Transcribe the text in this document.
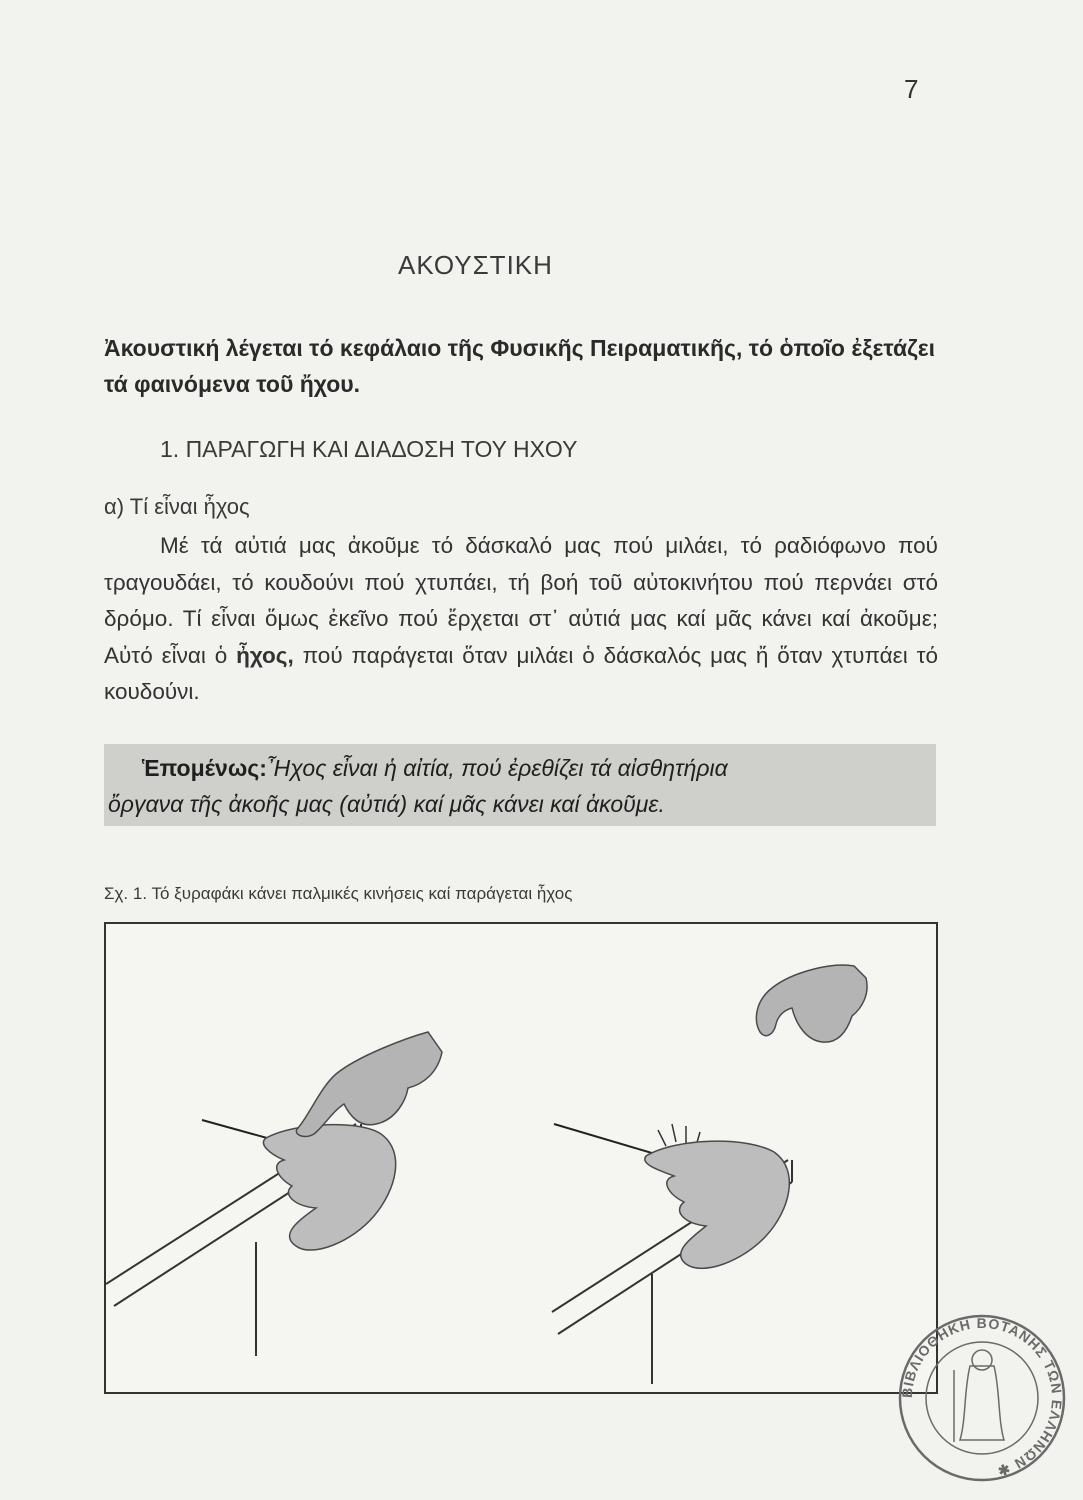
7
ΑΚΟΥΣΤΙΚΗ
Ἀκουστική λέγεται τό κεφάλαιο τῆς Φυσικῆς Πειραματικῆς, τό ὁποῖο ἐξετάζει τά φαινόμενα τοῦ ἤχου.
1. ΠΑΡΑΓΩΓΗ ΚΑΙ ΔΙΑΔΟΣΗ ΤΟΥ ΗΧΟΥ
α) Τί εἶναι ἦχος
Μέ τά αὐτιά μας ἀκοῦμε τό δάσκαλό μας πού μιλάει, τό ραδιόφωνο πού τραγουδάει, τό κουδούνι πού χτυπάει, τή βοή τοῦ αὐτοκινήτου πού περνάει στό δρόμο. Τί εἶναι ὅμως ἐκεῖνο πού ἔρχεται στ᾽ αὐτιά μας καί μᾶς κάνει καί ἀκοῦμε; Αὐτό εἶναι ὁ ἦχος, πού παράγεται ὅταν μιλάει ὁ δάσκαλός μας ἤ ὅταν χτυπάει τό κουδούνι.
Ἑπομένως:Ἦχος εἶναι ἡ αἰτία, πού ἐρεθίζει τά αἰσθητήρια
ὄργανα τῆς ἀκοῆς μας (αὐτιά) καί μᾶς κάνει καί ἀκοῦμε.
Σχ. 1. Τό ξυραφάκι κάνει παλμικές κινήσεις καί παράγεται ἦχος
ΒΙΒΛΙΟΘΗΚΗ ΒΟΤΑΝΗΣ ΤΩΝ ΕΛΛΗΝΩΝ ✱
